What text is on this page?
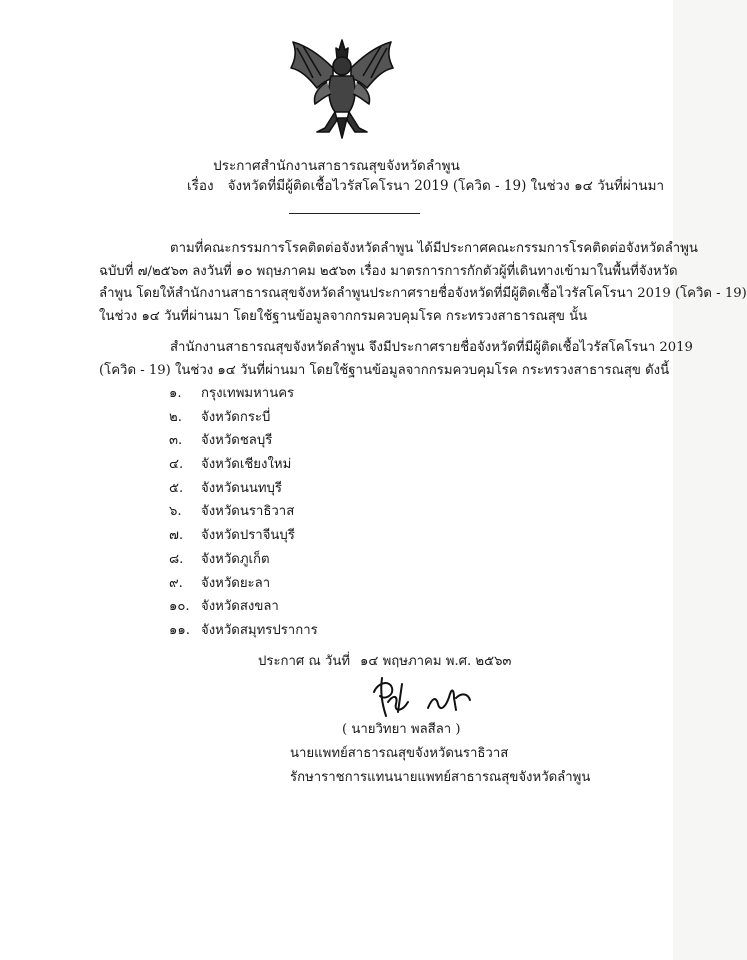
ประกาศสำนักงานสาธารณสุขจังหวัดลำพูน
เรื่อง จังหวัดที่มีผู้ติดเชื้อไวรัสโคโรนา 2019 (โควิด - 19) ในช่วง ๑๔ วันที่ผ่านมา
ตามที่คณะกรรมการโรคติดต่อจังหวัดลำพูน ได้มีประกาศคณะกรรมการโรคติดต่อจังหวัดลำพูน
ฉบับที่ ๗/๒๕๖๓ ลงวันที่ ๑๐ พฤษภาคม ๒๕๖๓ เรื่อง มาตรการการกักตัวผู้ที่เดินทางเข้ามาในพื้นที่จังหวัด
ลำพูน โดยให้สำนักงานสาธารณสุขจังหวัดลำพูนประกาศรายชื่อจังหวัดที่มีผู้ติดเชื้อไวรัสโคโรนา 2019 (โควิด - 19)
ในช่วง ๑๔ วันที่ผ่านมา โดยใช้ฐานข้อมูลจากกรมควบคุมโรค กระทรวงสาธารณสุข นั้น
สำนักงานสาธารณสุขจังหวัดลำพูน จึงมีประกาศรายชื่อจังหวัดที่มีผู้ติดเชื้อไวรัสโคโรนา 2019
(โควิด - 19) ในช่วง ๑๔ วันที่ผ่านมา โดยใช้ฐานข้อมูลจากกรมควบคุมโรค กระทรวงสาธารณสุข ดังนี้
๑. กรุงเทพมหานคร
๒. จังหวัดกระบี่
๓. จังหวัดชลบุรี
๔. จังหวัดเชียงใหม่
๕. จังหวัดนนทบุรี
๖. จังหวัดนราธิวาส
๗. จังหวัดปราจีนบุรี
๘. จังหวัดภูเก็ต
๙. จังหวัดยะลา
๑๐. จังหวัดสงขลา
๑๑. จังหวัดสมุทรปราการ
ประกาศ ณ วันที่ ๑๔ พฤษภาคม พ.ศ. ๒๕๖๓
( นายวิทยา พลสีลา )
นายแพทย์สาธารณสุขจังหวัดนราธิวาส
รักษาราชการแทนนายแพทย์สาธารณสุขจังหวัดลำพูน
